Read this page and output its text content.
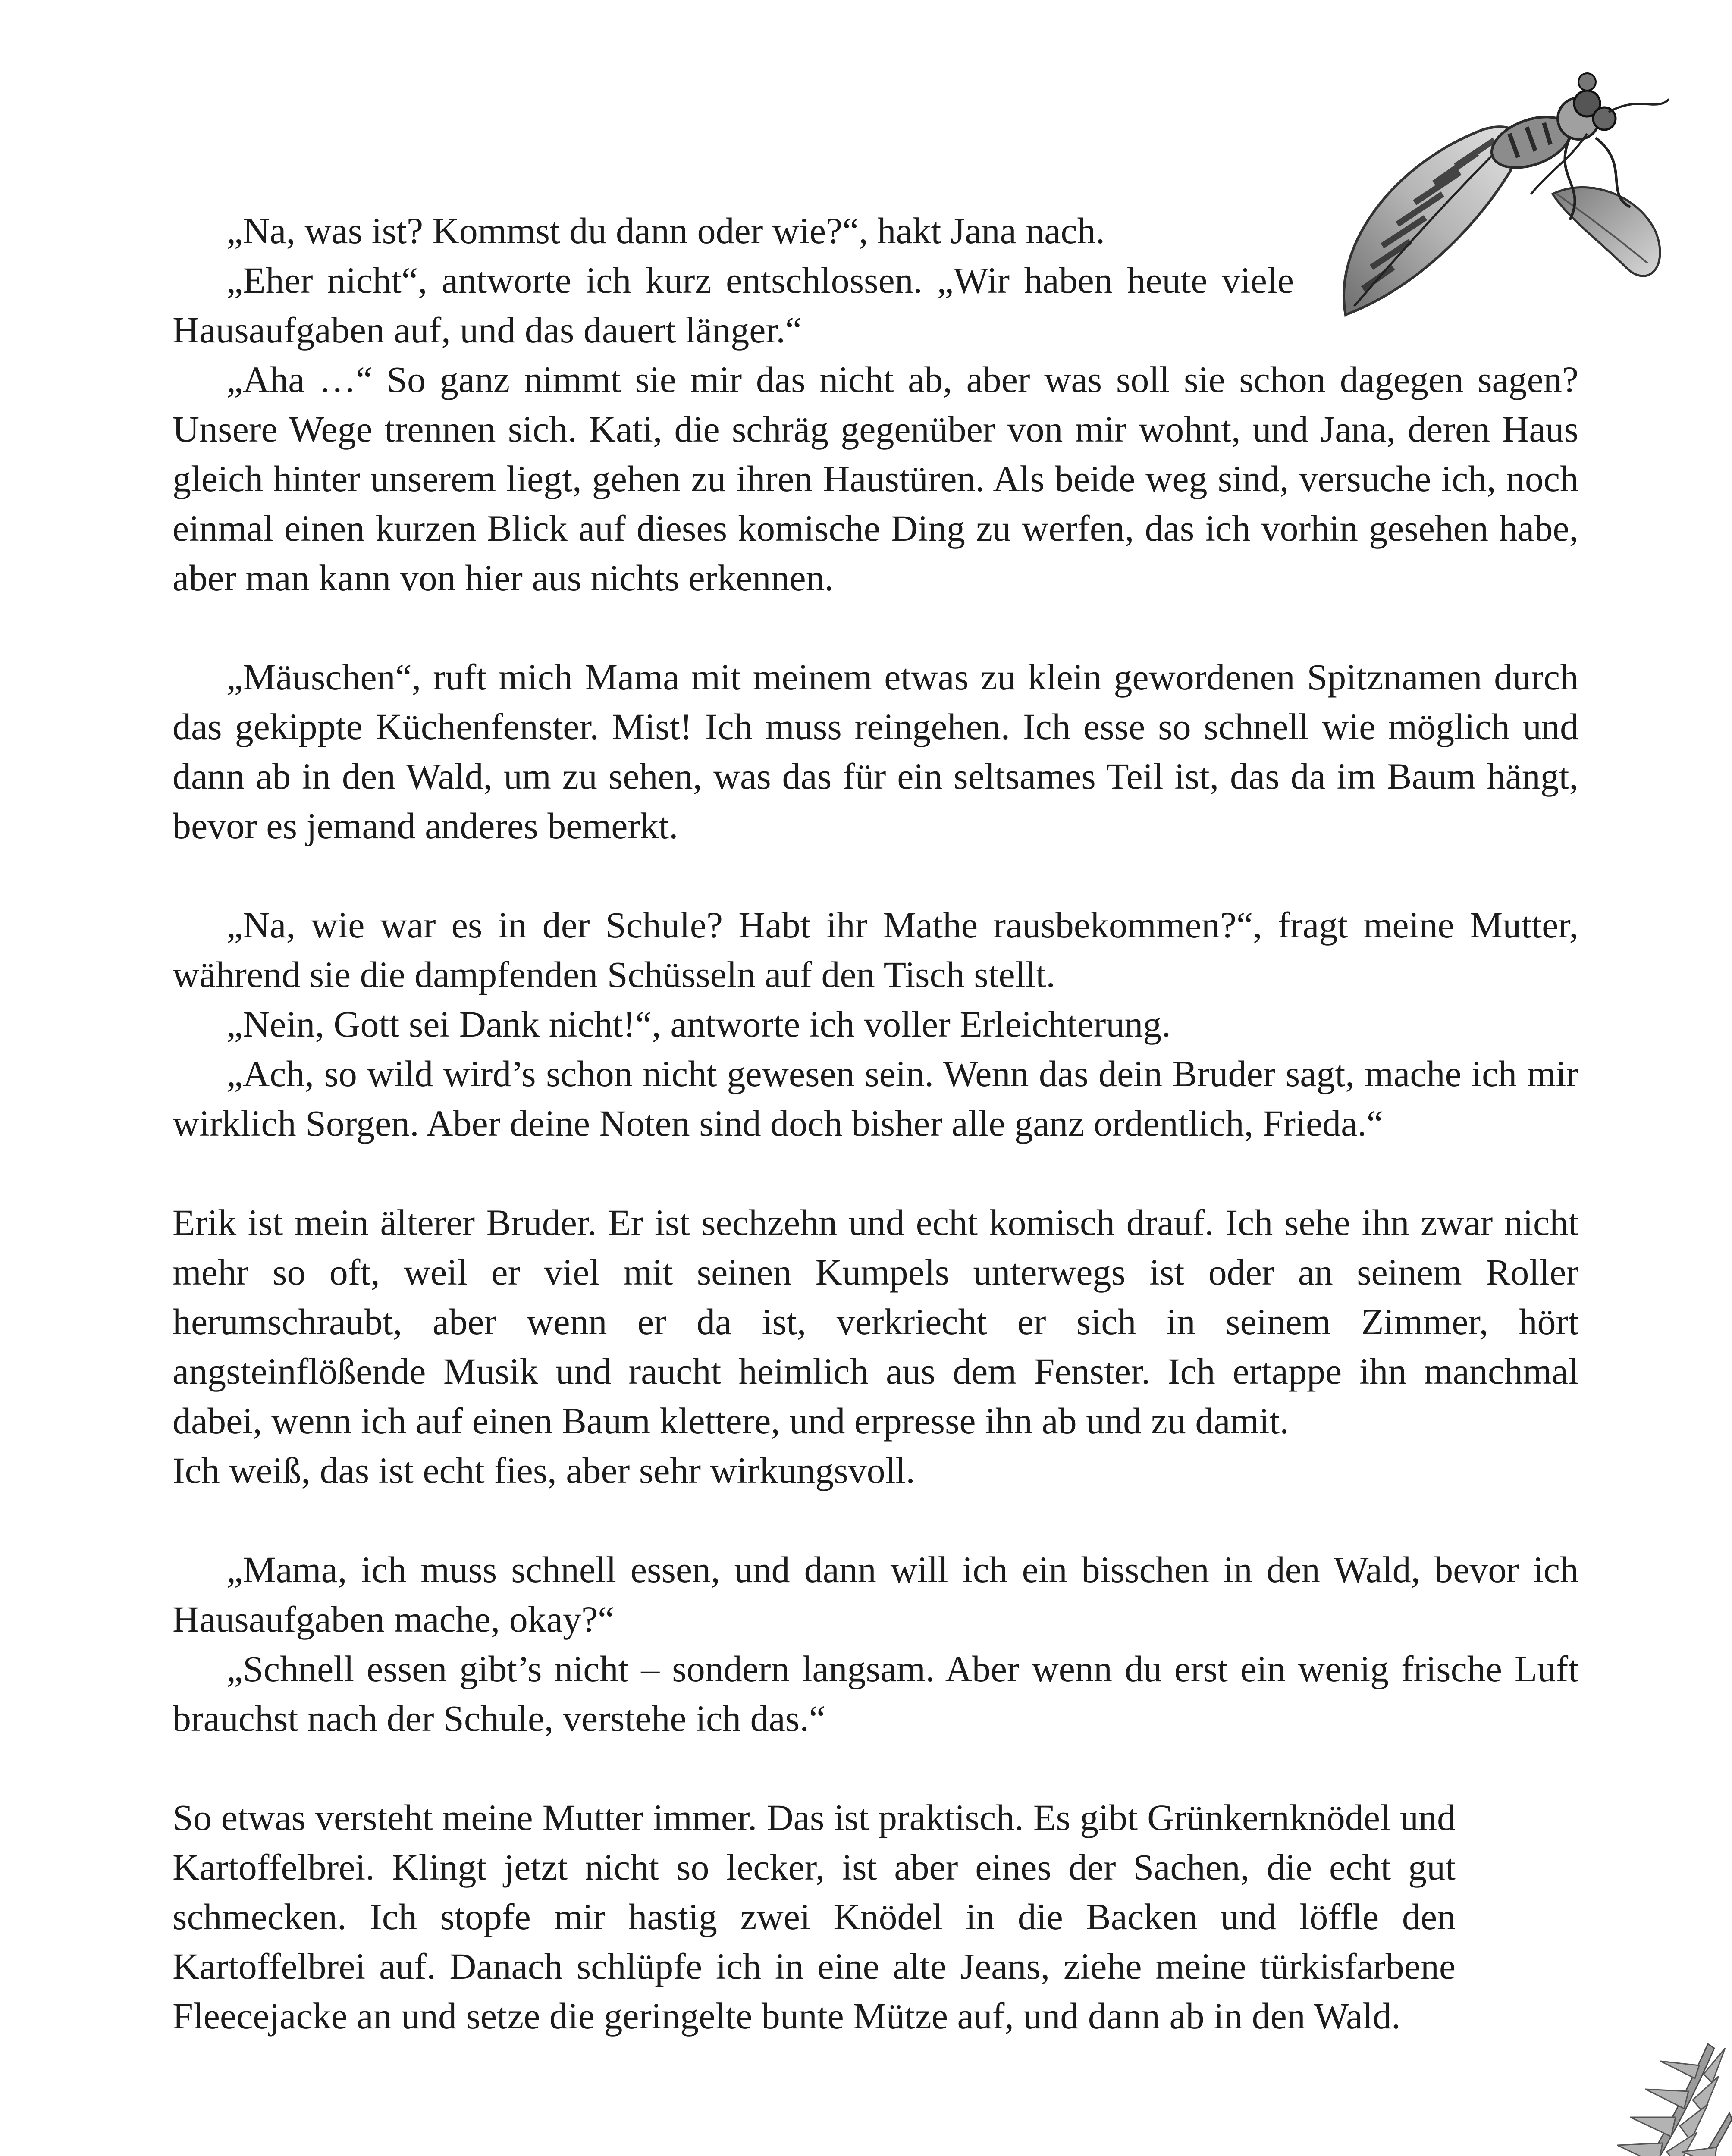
„Na, was ist? Kommst du dann oder wie?“, hakt Jana nach.

„Eher nicht“, antworte ich kurz entschlossen. „Wir haben heute viele Hausaufgaben auf, und das dauert länger.“

„Aha …“ So ganz nimmt sie mir das nicht ab, aber was soll sie schon dagegen sagen? Unsere Wege trennen sich. Kati, die schräg gegenüber von mir wohnt, und Jana, deren Haus gleich hinter unserem liegt, gehen zu ihren Haustüren. Als beide weg sind, versuche ich, noch einmal einen kurzen Blick auf dieses komische Ding zu werfen, das ich vorhin gesehen habe, aber man kann von hier aus nichts erkennen.

„Mäuschen“, ruft mich Mama mit meinem etwas zu klein gewordenen Spitznamen durch das gekippte Küchenfenster. Mist! Ich muss reingehen. Ich esse so schnell wie möglich und dann ab in den Wald, um zu sehen, was das für ein seltsames Teil ist, das da im Baum hängt, bevor es jemand anderes bemerkt.

„Na, wie war es in der Schule? Habt ihr Mathe rausbekommen?“, fragt meine Mutter, während sie die dampfenden Schüsseln auf den Tisch stellt.

„Nein, Gott sei Dank nicht!“, antworte ich voller Erleichterung.

„Ach, so wild wird’s schon nicht gewesen sein. Wenn das dein Bruder sagt, mache ich mir wirklich Sorgen. Aber deine Noten sind doch bisher alle ganz ordentlich, Frieda.“

Erik ist mein älterer Bruder. Er ist sechzehn und echt komisch drauf. Ich sehe ihn zwar nicht mehr so oft, weil er viel mit seinen Kumpels unterwegs ist oder an seinem Roller herumschraubt, aber wenn er da ist, verkriecht er sich in seinem Zimmer, hört angsteinflößende Musik und raucht heimlich aus dem Fenster. Ich ertappe ihn manchmal dabei, wenn ich auf einen Baum klettere, und erpresse ihn ab und zu damit.

Ich weiß, das ist echt fies, aber sehr wirkungsvoll.

„Mama, ich muss schnell essen, und dann will ich ein bisschen in den Wald, bevor ich Hausaufgaben mache, okay?“

„Schnell essen gibt’s nicht – sondern langsam. Aber wenn du erst ein wenig frische Luft brauchst nach der Schule, verstehe ich das.“

So etwas versteht meine Mutter immer. Das ist praktisch. Es gibt Grünkernknödel und Kartoffelbrei. Klingt jetzt nicht so lecker, ist aber eines der Sachen, die echt gut schmecken. Ich stopfe mir hastig zwei Knödel in die Backen und löffle den Kartoffelbrei auf. Danach schlüpfe ich in eine alte Jeans, ziehe meine türkisfarbene Fleecejacke an und setze die geringelte bunte Mütze auf, und dann ab in den Wald.
